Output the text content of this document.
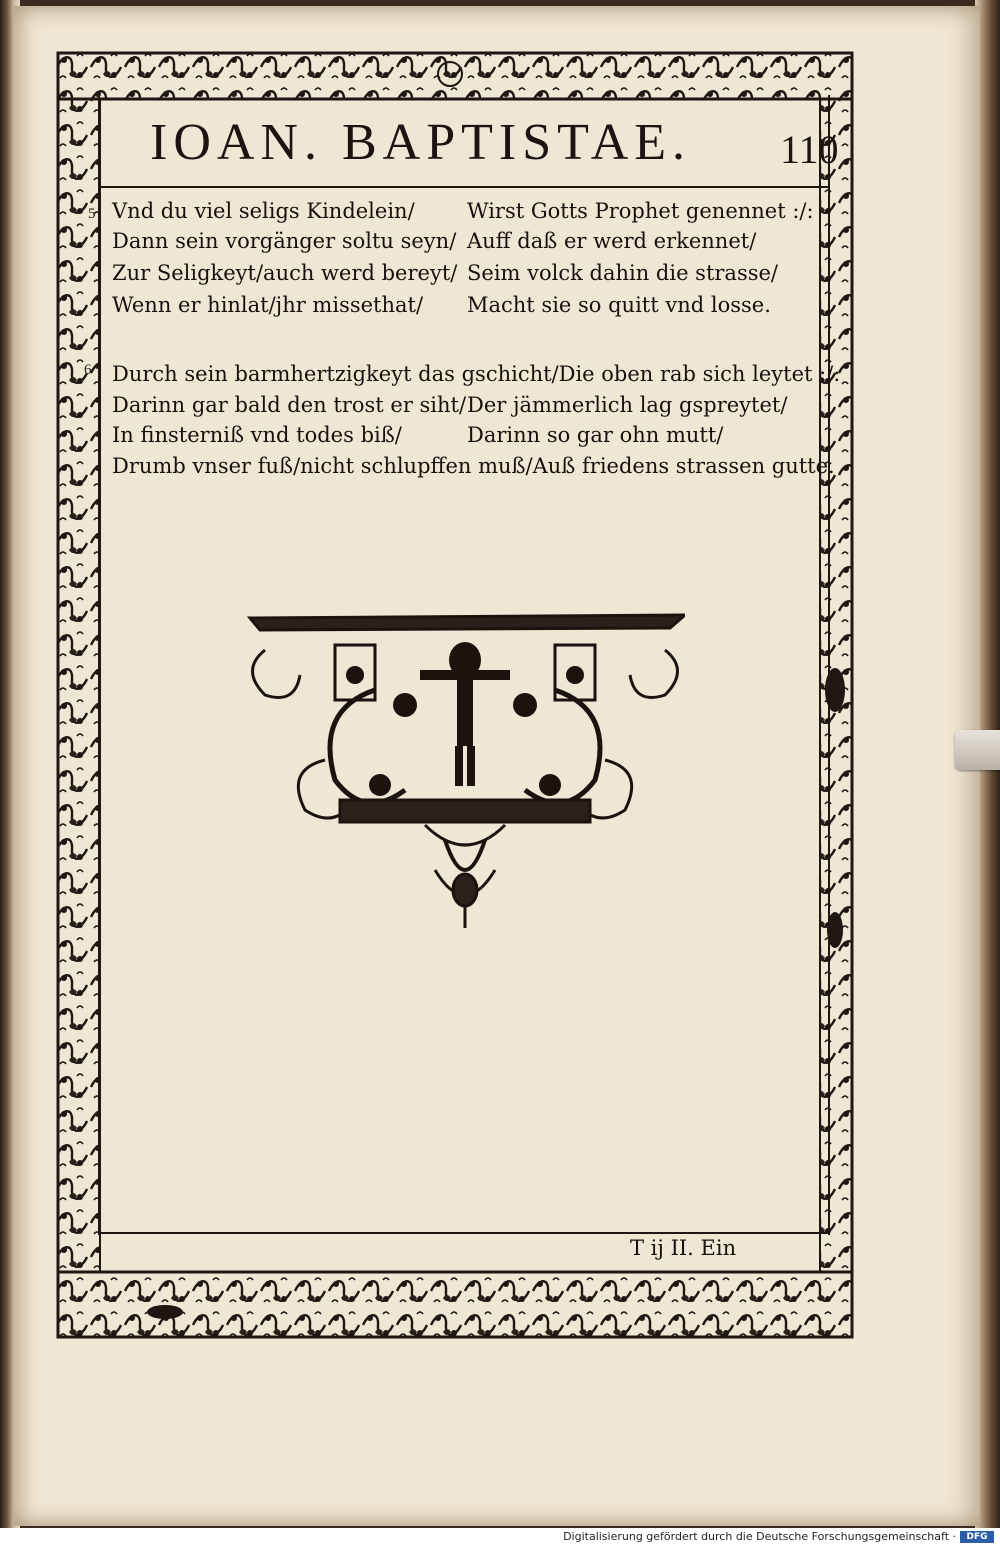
IOAN. BAPTISTAE.	110
5 Vnd du viel seligs Kindelein/ Wirst Gotts Prophet genennet :/:
Dann sein vorgänger soltu seyn/ Auff daß er werd erkennet/
Zur Seligkeyt/auch werd bereyt/ Seim volck dahin die strasse/
Wenn er hinlat/jhr missethat/ Macht sie so quitt vnd losse.
6 Durch sein barmhertzigkeyt das gschicht/Die oben rab sich leytet :/:
Darinn gar bald den trost er siht/ Der jämmerlich lag gspreytet/
In finsterniß vnd todes biß/	Darinn so gar ohn mutt/
Drumb vnser fuß/nicht schlupffen muß/Auß friedens strassen gutte.
T ij II. Ein
Digitalisierung gefördert durch die Deutsche Forschungsgemeinschaft ·	DFG
